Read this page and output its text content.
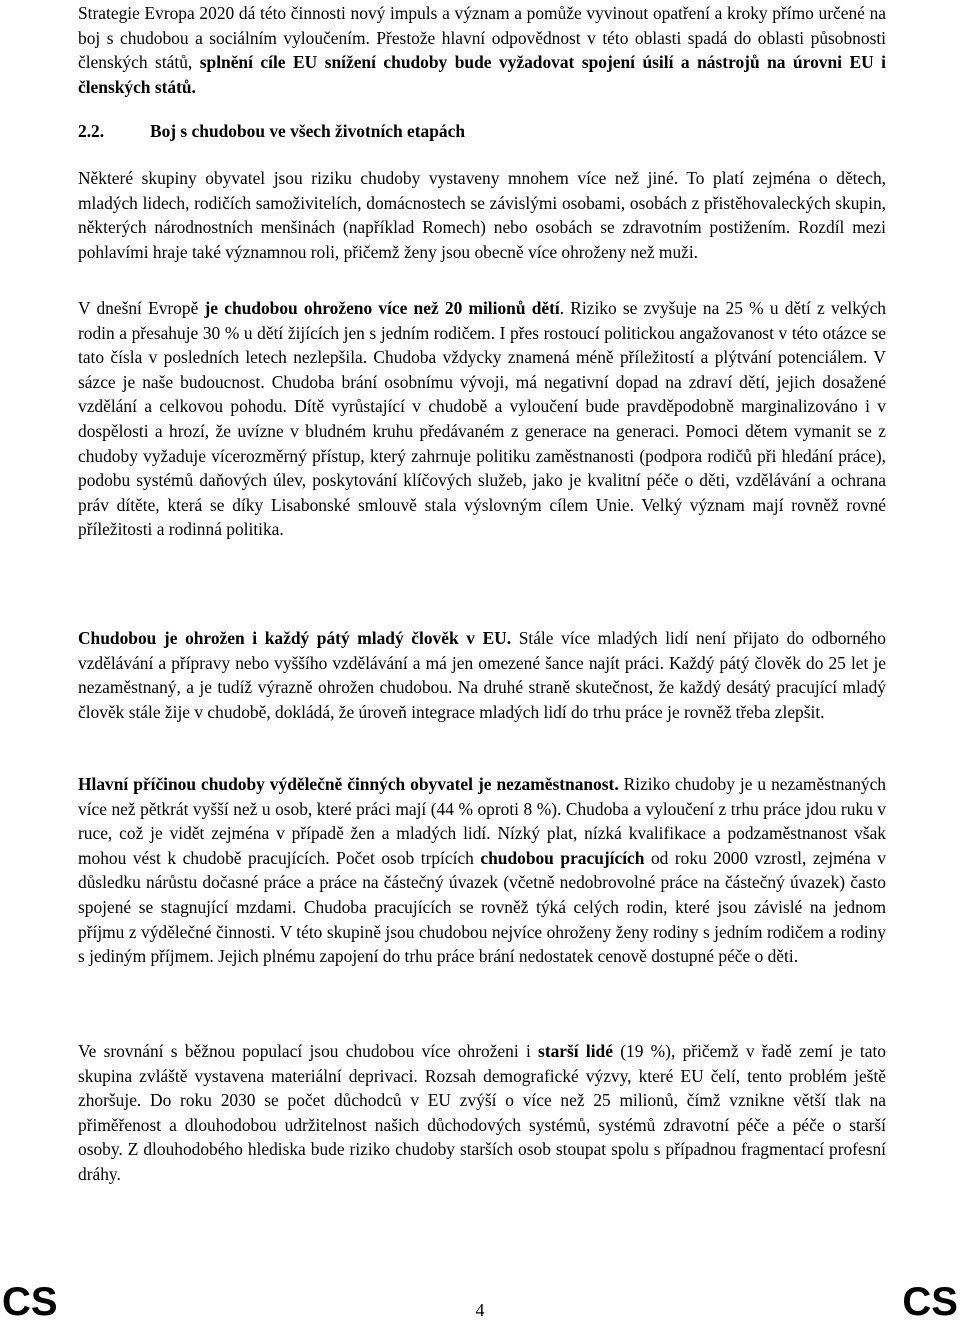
Strategie Evropa 2020 dá této činnosti nový impuls a význam a pomůže vyvinout opatření a kroky přímo určené na boj s chudobou a sociálním vyloučením. Přestože hlavní odpovědnost v této oblasti spadá do oblasti působnosti členských států, splnění cíle EU snížení chudoby bude vyžadovat spojení úsilí a nástrojů na úrovni EU i členských států.

2.2.	Boj s chudobou ve všech životních etapách

Některé skupiny obyvatel jsou riziku chudoby vystaveny mnohem více než jiné. To platí zejména o dětech, mladých lidech, rodičích samoživitelích, domácnostech se závislými osobami, osobách z přistěhovaleckých skupin, některých národnostních menšinách (například Romech) nebo osobách se zdravotním postižením. Rozdíl mezi pohlavími hraje také významnou roli, přičemž ženy jsou obecně více ohroženy než muži.

V dnešní Evropě je chudobou ohroženo více než 20 milionů dětí. Riziko se zvyšuje na 25 % u dětí z velkých rodin a přesahuje 30 % u dětí žijících jen s jedním rodičem. I přes rostoucí politickou angažovanost v této otázce se tato čísla v posledních letech nezlepšila. Chudoba vždycky znamená méně příležitostí a plýtvání potenciálem. V sázce je naše budoucnost. Chudoba brání osobnímu vývoji, má negativní dopad na zdraví dětí, jejich dosažené vzdělání a celkovou pohodu. Dítě vyrůstající v chudobě a vyloučení bude pravděpodobně marginalizováno i v dospělosti a hrozí, že uvízne v bludném kruhu předávaném z generace na generaci. Pomoci dětem vymanit se z chudoby vyžaduje vícerozměrný přístup, který zahrnuje politiku zaměstnanosti (podpora rodičů při hledání práce), podobu systémů daňových úlev, poskytování klíčových služeb, jako je kvalitní péče o děti, vzdělávání a ochrana práv dítěte, která se díky Lisabonské smlouvě stala výslovným cílem Unie. Velký význam mají rovněž rovné příležitosti a rodinná politika.

Hlavní příčinou chudoby výdělečně činných obyvatel je nezaměstnanost. Riziko chudoby je u nezaměstnaných více než pětkrát vyšší než u osob, které práci mají (44 % oproti 8 %). Chudoba a vyloučení z trhu práce jdou ruku v ruce, což je vidět zejména v případě žen a mladých lidí. Nízký plat, nízká kvalifikace a podzaměstnanost však mohou vést k chudobě pracujících. Počet osob trpících chudobou pracujících od roku 2000 vzrostl, zejména v důsledku nárůstu dočasné práce a práce na částečný úvazek (včetně nedobrovolné práce na částečný úvazek) často spojené se stagnující mzdami. Chudoba pracujících se rovněž týká celých rodin, které jsou závislé na jednom příjmu z výdělečné činnosti. V této skupině jsou chudobou nejvíce ohroženy ženy rodiny s jedním rodičem a rodiny s jediným příjmem. Jejich plnému zapojení do trhu práce brání nedostatek cenově dostupné péče o děti.

Ve srovnání s běžnou populací jsou chudobou více ohroženi i starší lidé (19 %), přičemž v řadě zemí je tato skupina zvláště vystavena materiální deprivaci. Rozsah demografické výzvy, které EU čelí, tento problém ještě zhoršuje. Do roku 2030 se počet důchodců v EU zvýší o více než 25 milionů, čímž vznikne větší tlak na přiměřenost a dlouhodobou udržitelnost našich důchodových systémů, systémů zdravotní péče a péče o starší osoby. Z dlouhodobého hlediska bude riziko chudoby starších osob stoupat spolu s případnou fragmentací profesní dráhy.

Chudobou je ohrožen i každý pátý mladý člověk v EU. Stále více mladých lidí není přijato do odborného vzdělávání a přípravy nebo vyššího vzdělávání a má jen omezené šance najít práci. Každý pátý člověk do 25 let je nezaměstnaný, a je tudíž výrazně ohrožen chudobou. Na druhé straně skutečnost, že každý desátý pracující mladý člověk stále žije v chudobě, dokládá, že úroveň integrace mladých lidí do trhu práce je rovněž třeba zlepšit.

CS	4	CS
